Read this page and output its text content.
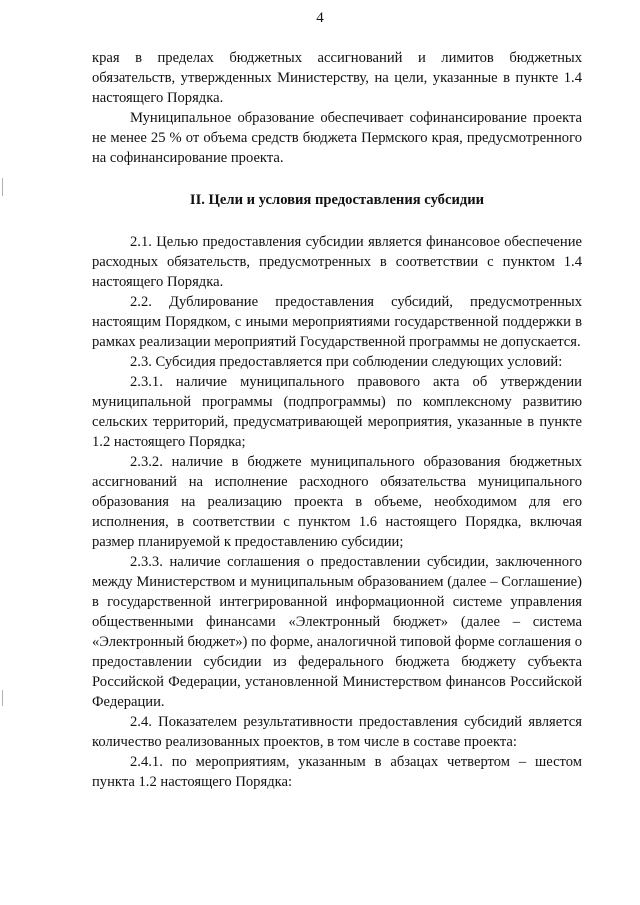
4

края в пределах бюджетных ассигнований и лимитов бюджетных обязательств, утвержденных Министерству, на цели, указанные в пункте 1.4 настоящего Порядка.

Муниципальное образование обеспечивает софинансирование проекта не менее 25 % от объема средств бюджета Пермского края, предусмотренного на софинансирование проекта.

II. Цели и условия предоставления субсидии

2.1. Целью предоставления субсидии является финансовое обеспечение расходных обязательств, предусмотренных в соответствии с пунктом 1.4 настоящего Порядка.

2.2. Дублирование предоставления субсидий, предусмотренных настоящим Порядком, с иными мероприятиями государственной поддержки в рамках реализации мероприятий Государственной программы не допускается.

2.3. Субсидия предоставляется при соблюдении следующих условий:

2.3.1. наличие муниципального правового акта об утверждении муниципальной программы (подпрограммы) по комплексному развитию сельских территорий, предусматривающей мероприятия, указанные в пункте 1.2 настоящего Порядка;

2.3.2. наличие в бюджете муниципального образования бюджетных ассигнований на исполнение расходного обязательства муниципального образования на реализацию проекта в объеме, необходимом для его исполнения, в соответствии с пунктом 1.6 настоящего Порядка, включая размер планируемой к предоставлению субсидии;

2.3.3. наличие соглашения о предоставлении субсидии, заключенного между Министерством и муниципальным образованием (далее – Соглашение) в государственной интегрированной информационной системе управления общественными финансами «Электронный бюджет» (далее – система «Электронный бюджет») по форме, аналогичной типовой форме соглашения о предоставлении субсидии из федерального бюджета бюджету субъекта Российской Федерации, установленной Министерством финансов Российской Федерации.

2.4. Показателем результативности предоставления субсидий является количество реализованных проектов, в том числе в составе проекта:

2.4.1. по мероприятиям, указанным в абзацах четвертом – шестом пункта 1.2 настоящего Порядка:
